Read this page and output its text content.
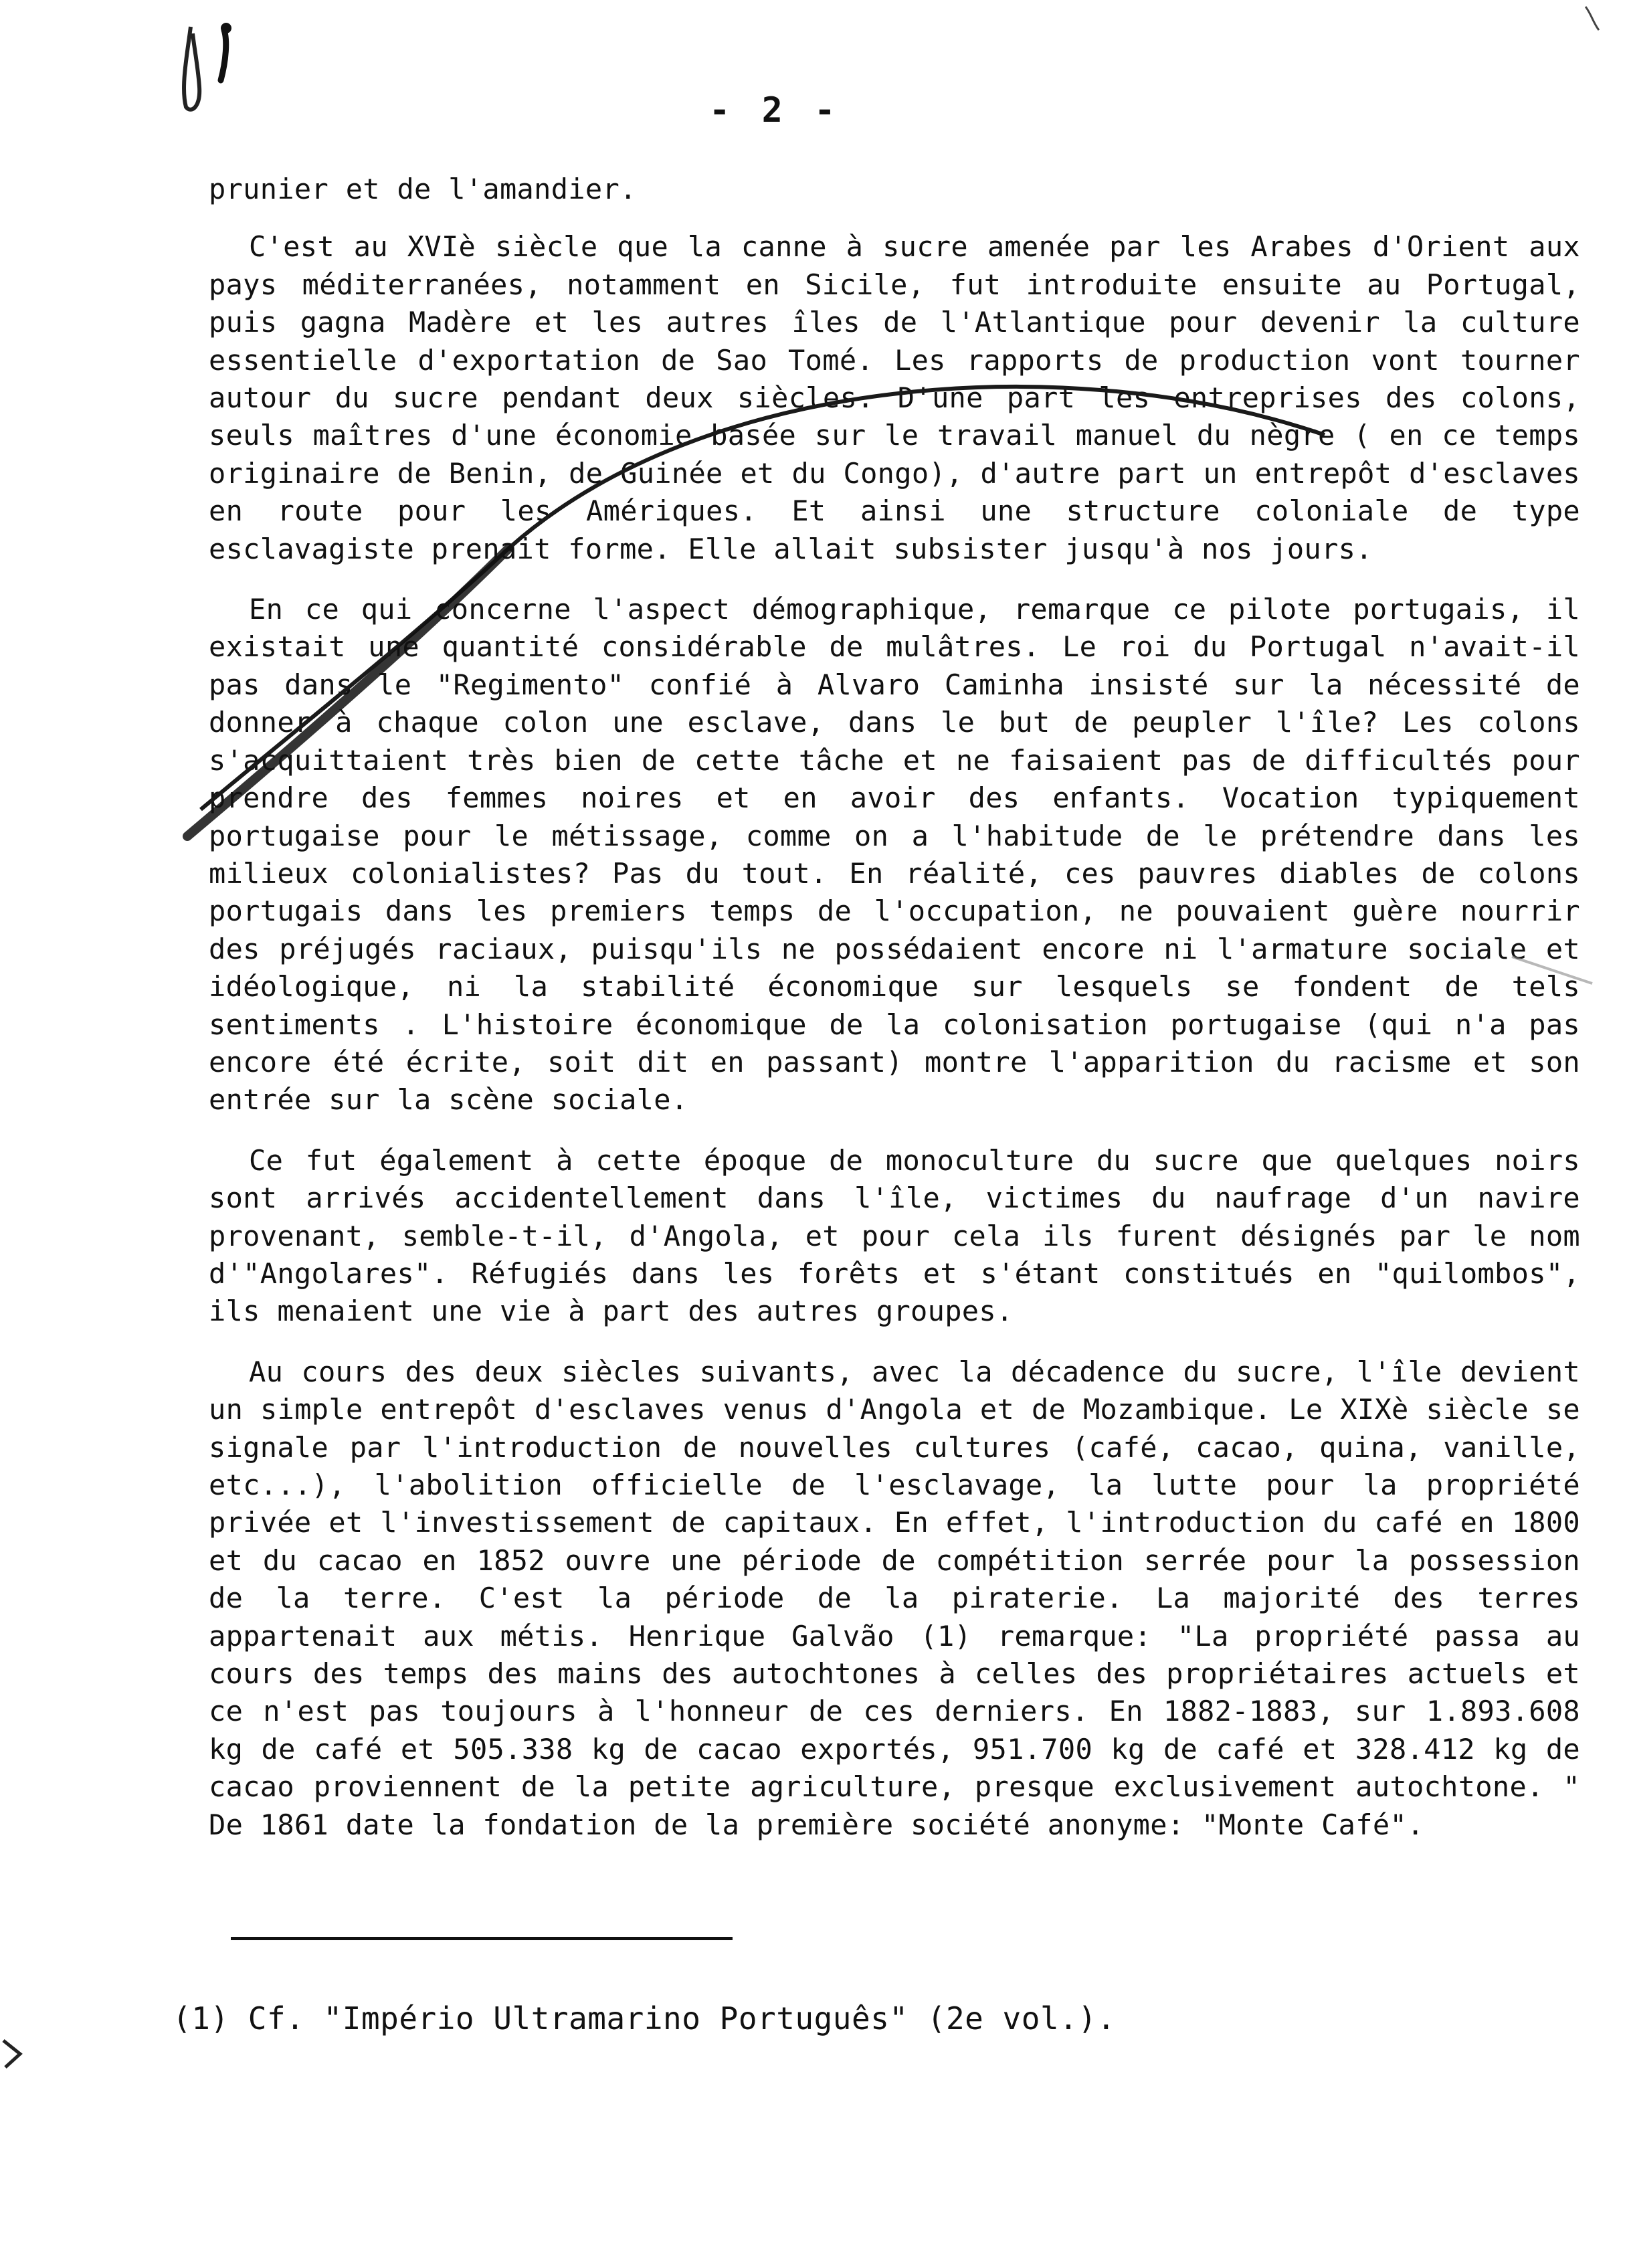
- 2 -

prunier et de l'amandier.

C'est au XVIè siècle que la canne à sucre amenée par les Arabes d'Orient aux pays méditerranées, notamment en Sicile, fut introduite ensuite au Portugal, puis gagna Madère et les autres îles de l'Atlantique pour devenir la culture essentielle d'exportation de Sao Tomé. Les rapports de production vont tourner autour du sucre pendant deux siècles. D'une part les entreprises des colons, seuls maîtres d'une économie basée sur le travail manuel du nègre ( en ce temps originaire de Benin, de Guinée et du Congo), d'autre part un entrepôt d'esclaves en route pour les Amériques. Et ainsi une structure coloniale de type esclavagiste prenait forme. Elle allait subsister jusqu'à nos jours.

En ce qui concerne l'aspect démographique, remarque ce pilote portugais, il existait une quantité considérable de mulâtres. Le roi du Portugal n'avait-il pas dans le "Regimento" confié à Alvaro Caminha insisté sur la nécessité de donner à chaque colon une esclave, dans le but de peupler l'île? Les colons s'acquittaient très bien de cette tâche et ne faisaient pas de difficultés pour prendre des femmes noires et en avoir des enfants. Vocation typiquement portugaise pour le métissage, comme on a l'habitude de le prétendre dans les milieux colonialistes? Pas du tout. En réalité, ces pauvres diables de colons portugais dans les premiers temps de l'occupation, ne pouvaient guère nourrir des préjugés raciaux, puisqu'ils ne possédaient encore ni l'armature sociale et idéologique, ni la stabilité économique sur lesquels se fondent de tels sentiments . L'histoire économique de la colonisation portugaise (qui n'a pas encore été écrite, soit dit en passant) montre l'apparition du racisme et son entrée sur la scène sociale.

Ce fut également à cette époque de monoculture du sucre que quelques noirs sont arrivés accidentellement dans l'île, victimes du naufrage d'un navire provenant, semble-t-il, d'Angola, et pour cela ils furent désignés par le nom d'"Angolares". Réfugiés dans les forêts et s'étant constitués en "quilombos", ils menaient une vie à part des autres groupes.

Au cours des deux siècles suivants, avec la décadence du sucre, l'île devient un simple entrepôt d'esclaves venus d'Angola et de Mozambique. Le XIXè siècle se signale par l'introduction de nouvelles cultures (café, cacao, quina, vanille, etc...), l'abolition officielle de l'esclavage, la lutte pour la propriété privée et l'investissement de capitaux. En effet, l'introduction du café en 1800 et du cacao en 1852 ouvre une période de compétition serrée pour la possession de la terre. C'est la période de la piraterie. La majorité des terres appartenait aux métis. Henrique Galvão (1) remarque: "La propriété passa au cours des temps des mains des autochtones à celles des propriétaires actuels et ce n'est pas toujours à l'honneur de ces derniers. En 1882-1883, sur 1.893.608 kg de café et 505.338 kg de cacao exportés, 951.700 kg de café et 328.412 kg de cacao proviennent de la petite agriculture, presque exclusivement autochtone. " De 1861 date la fondation de la première société anonyme: "Monte Café".

(1) Cf. "Império Ultramarino Português" (2e vol.).
